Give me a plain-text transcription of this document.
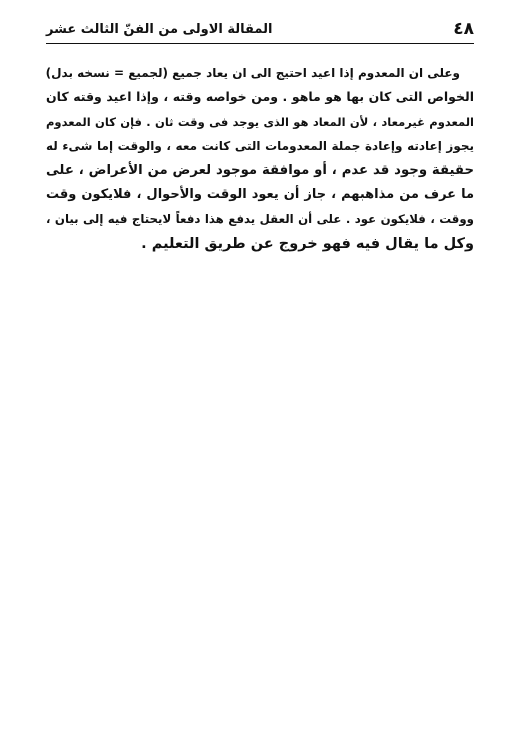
٤٨
المقالة الاولى من الفنّ الثالث عشر
وعلى ان المعدوم إذا اعيد احتيج الى ان يعاد جميع (لجميع = نسخه بدل)
الخواص التى كان بها هو ماهو . ومن خواصه وقته ، وإذا اعيد وقته كان
المعدوم غيرمعاد ، لأن المعاد هو الذى يوجد فى وقت ثان . فإن كان المعدوم
يجوز إعادته وإعادة جملة المعدومات التى كانت معه ، والوقت إما شىء له
حقيقة وجود قد عدم ، أو موافقة موجود لعرض من الأعراض ، على
ما عرف من مذاهبهم ، جاز أن يعود الوقت والأحوال ، فلايكون وقت
ووقت ، فلايكون عود . على أن العقل يدفع هذا دفعاً لايحتاج فيه إلى بيان ،
وكل ما يقال فيه فهو خروج عن طريق التعليم .
